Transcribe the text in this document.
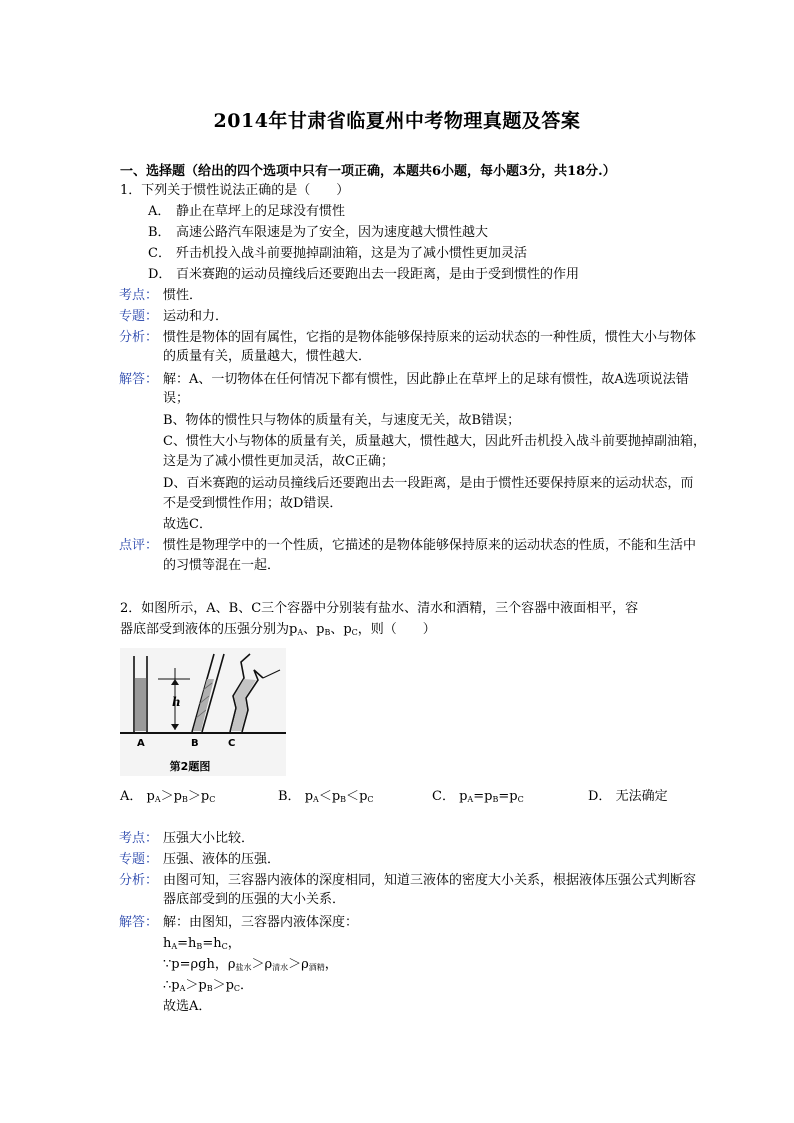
2014年甘肃省临夏州中考物理真题及答案
一、选择题（给出的四个选项中只有一项正确，本题共6小题，每小题3分，共18分.）
1．下列关于惯性说法正确的是（　　）
A． 静止在草坪上的足球没有惯性
B． 高速公路汽车限速是为了安全，因为速度越大惯性越大
C． 歼击机投入战斗前要抛掉副油箱，这是为了减小惯性更加灵活
D． 百米赛跑的运动员撞线后还要跑出去一段距离，是由于受到惯性的作用
考点： 惯性．
专题： 运动和力．
分析： 惯性是物体的固有属性，它指的是物体能够保持原来的运动状态的一种性质，惯性大小与物体
的质量有关，质量越大，惯性越大．
解答： 解：A、一切物体在任何情况下都有惯性，因此静止在草坪上的足球有惯性，故A选项说法错
误；
B、物体的惯性只与物体的质量有关，与速度无关，故B错误；
C、惯性大小与物体的质量有关，质量越大，惯性越大，因此歼击机投入战斗前要抛掉副油箱，
这是为了减小惯性更加灵活，故C正确；
D、百米赛跑的运动员撞线后还要跑出去一段距离，是由于惯性还要保持原来的运动状态，而
不是受到惯性作用；故D错误．
故选C．
点评： 惯性是物理学中的一个性质，它描述的是物体能够保持原来的运动状态的性质，不能和生活中
的习惯等混在一起．
2．如图所示，A、B、C三个容器中分别装有盐水、清水和酒精，三个容器中液面相平，容
器底部受到液体的压强分别为$p_A$、$p_B$、$p_C$，则（　　）
h
A	B	C
第2题图
A． $p_A>p_B>p_C$	B． $p_A<p_B<p_C$	C． $p_A=p_B=p_C$	D． 无法确定
考点： 压强大小比较．
专题： 压强、液体的压强．
分析： 由图可知，三容器内液体的深度相同，知道三液体的密度大小关系，根据液体压强公式判断容
器底部受到的压强的大小关系．
解答： 解：由图知，三容器内液体深度：
$h_A=h_B=h_C$，
∵p=ρgh，$\rho_{盐水}>\rho_{清水}>\rho_{酒精}$，
$\therefore p_A>p_B>p_C$．
故选A．
